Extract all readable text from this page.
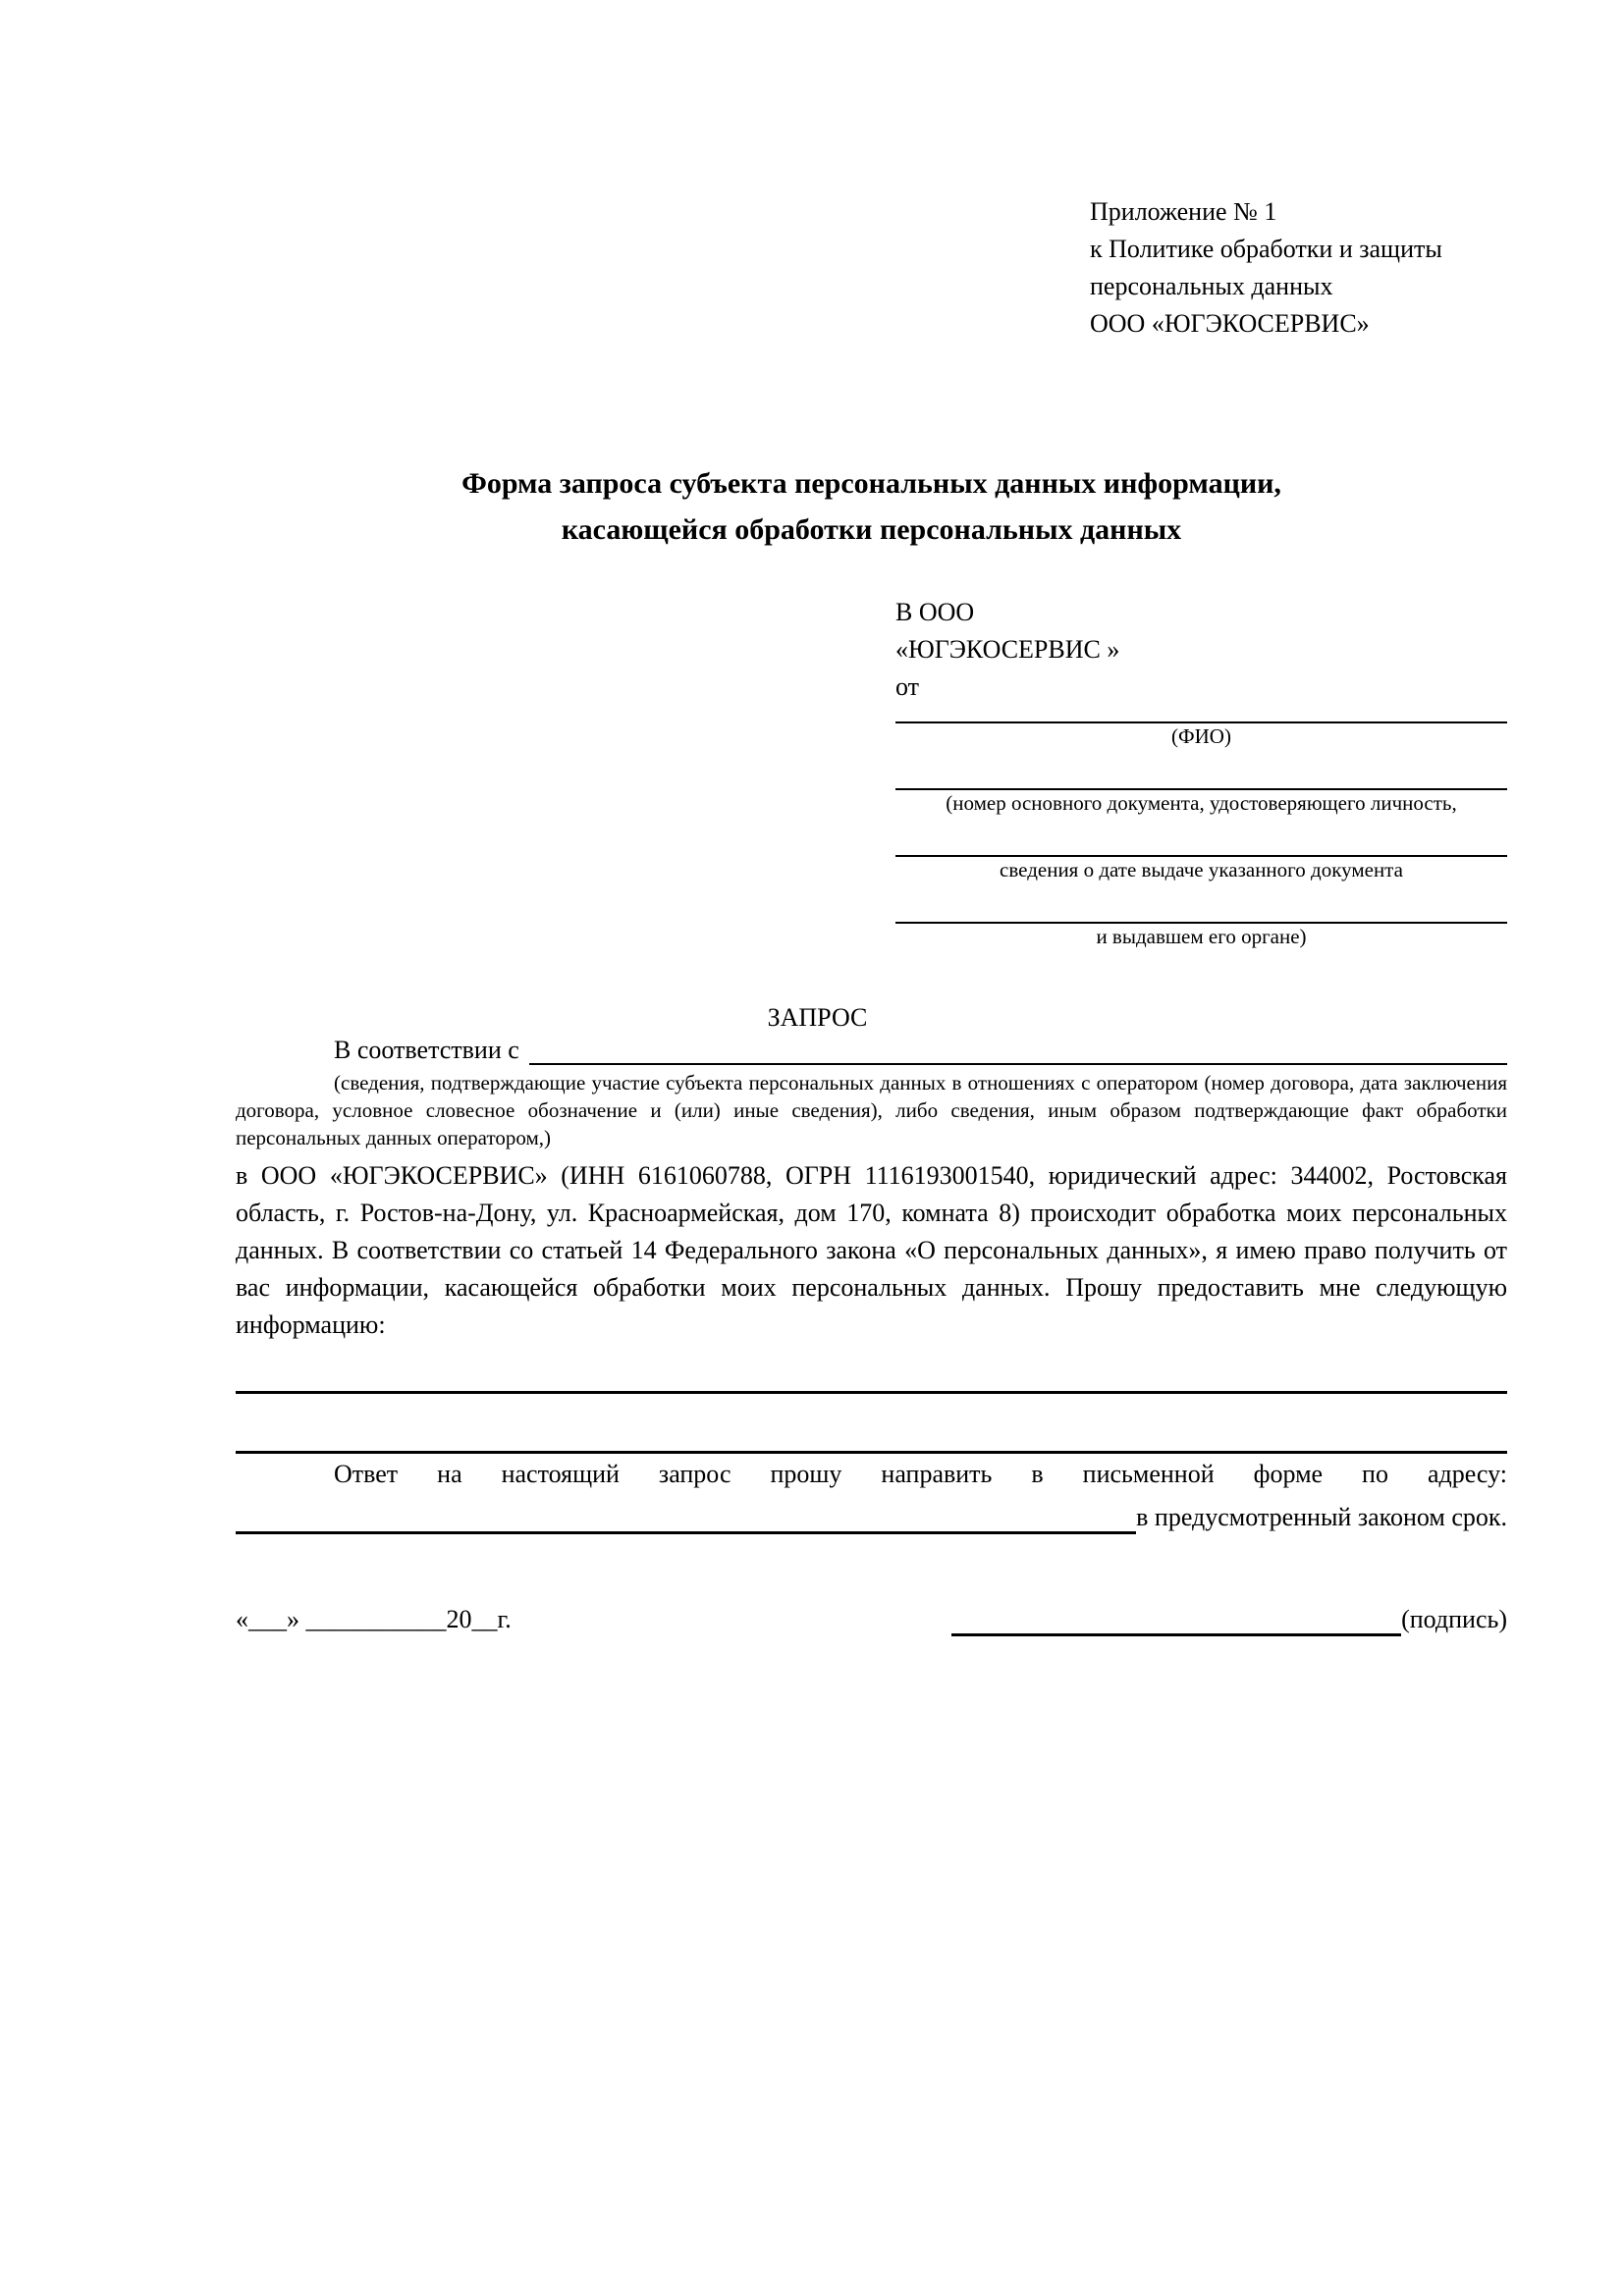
Приложение № 1
к Политике обработки и защиты
персональных данных
ООО «ЮГЭКОСЕРВИС»
Форма запроса субъекта персональных данных информации,
касающейся обработки персональных данных
В ООО
«ЮГЭКОСЕРВИС »
от
(ФИО)
(номер основного документа, удостоверяющего личность,
сведения о дате выдаче указанного документа
и выдавшем его органе)
ЗАПРОС
В соответствии с
(сведения, подтверждающие участие субъекта персональных данных в отношениях с оператором (номер договора, дата заключения договора, условное словесное обозначение и (или) иные сведения), либо сведения, иным образом подтверждающие факт обработки персональных данных оператором,)
в ООО «ЮГЭКОСЕРВИС» (ИНН 6161060788, ОГРН 1116193001540, юридический адрес: 344002, Ростовская область, г. Ростов-на-Дону, ул. Красноармейская, дом 170, комната 8) происходит обработка моих персональных данных. В соответствии со статьей 14 Федерального закона «О персональных данных», я имею право получить от вас информации, касающейся обработки моих персональных данных. Прошу предоставить мне следующую информацию:
Ответ на настоящий запрос прошу направить в письменной форме по адресу:
в предусмотренный законом срок.
«___» ___________20__г.	(подпись)
